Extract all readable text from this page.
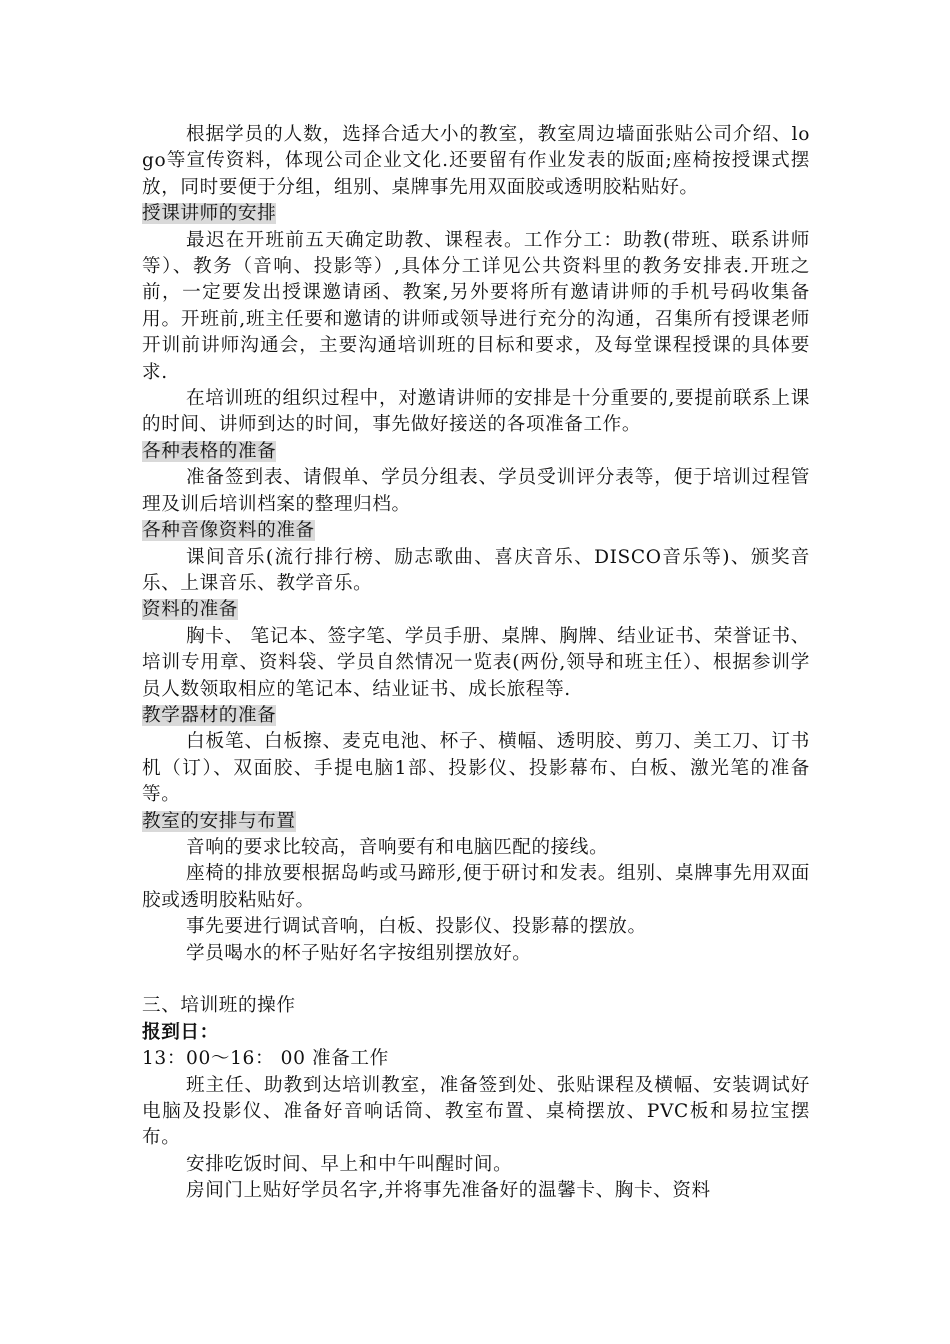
根据学员的人数，选择合适大小的教室，教室周边墙面张贴公司介绍、logo等宣传资料，体现公司企业文化.还要留有作业发表的版面;座椅按授课式摆放，同时要便于分组，组别、桌牌事先用双面胶或透明胶粘贴好。

授课讲师的安排

最迟在开班前五天确定助教、课程表。工作分工：助教(带班、联系讲师等）、教务（音响、投影等）,具体分工详见公共资料里的教务安排表.开班之前，一定要发出授课邀请函、教案,另外要将所有邀请讲师的手机号码收集备用。开班前,班主任要和邀请的讲师或领导进行充分的沟通，召集所有授课老师开训前讲师沟通会，主要沟通培训班的目标和要求，及每堂课程授课的具体要求.

在培训班的组织过程中，对邀请讲师的安排是十分重要的,要提前联系上课的时间、讲师到达的时间，事先做好接送的各项准备工作。

各种表格的准备

准备签到表、请假单、学员分组表、学员受训评分表等，便于培训过程管理及训后培训档案的整理归档。

各种音像资料的准备

课间音乐(流行排行榜、励志歌曲、喜庆音乐、DISCO音乐等)、颁奖音乐、上课音乐、教学音乐。

资料的准备

胸卡、 笔记本、签字笔、学员手册、桌牌、胸牌、结业证书、荣誉证书、培训专用章、资料袋、学员自然情况一览表(两份,领导和班主任）、根据参训学员人数领取相应的笔记本、结业证书、成长旅程等.

教学器材的准备

白板笔、白板擦、麦克电池、杯子、横幅、透明胶、剪刀、美工刀、订书机（订）、双面胶、手提电脑1部、投影仪、投影幕布、白板、激光笔的准备等。

教室的安排与布置

音响的要求比较高，音响要有和电脑匹配的接线。

座椅的排放要根据岛屿或马蹄形,便于研讨和发表。组别、桌牌事先用双面胶或透明胶粘贴好。

事先要进行调试音响，白板、投影仪、投影幕的摆放。

学员喝水的杯子贴好名字按组别摆放好。

三、培训班的操作

报到日：

13：00～16： 00 准备工作

班主任、助教到达培训教室，准备签到处、张贴课程及横幅、安装调试好电脑及投影仪、准备好音响话筒、教室布置、桌椅摆放、PVC板和易拉宝摆布。

安排吃饭时间、早上和中午叫醒时间。

房间门上贴好学员名字,并将事先准备好的温馨卡、胸卡、资料
